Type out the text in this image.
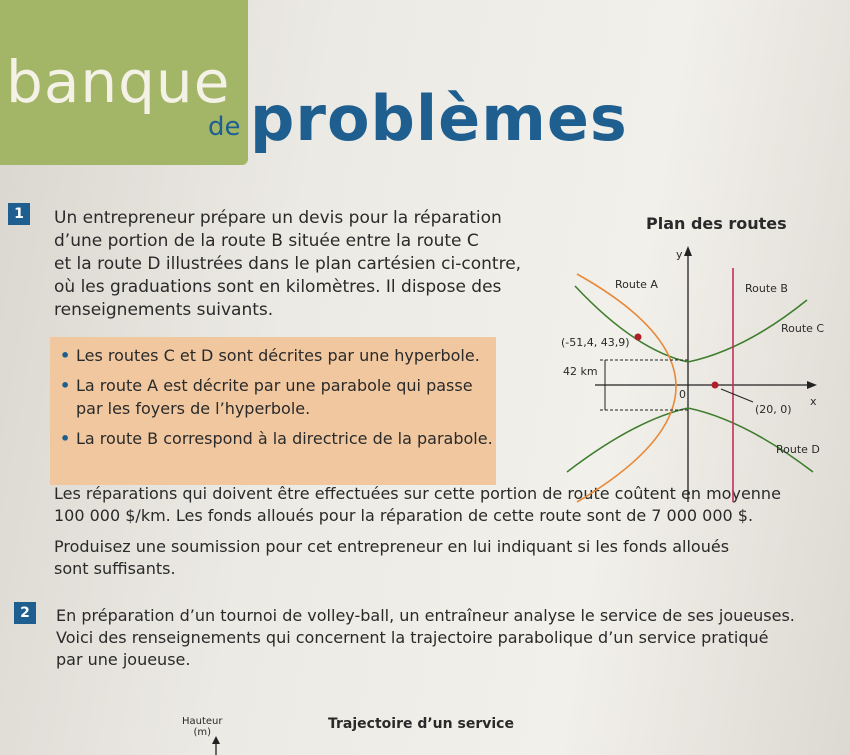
banque
de problèmes
1	Un entrepreneur prépare un devis pour la réparation
d’une portion de la route B située entre la route C
et la route D illustrées dans le plan cartésien ci-contre,
où les graduations sont en kilomètres. Il dispose des
renseignements suivants.
• Les routes C et D sont décrites par une hyperbole.
• La route A est décrite par une parabole qui passe
par les foyers de l’hyperbole.
• La route B correspond à la directrice de la parabole.
Les réparations qui doivent être effectuées sur cette portion de route coûtent en moyenne
100 000 $/km. Les fonds alloués pour la réparation de cette route sont de 7 000 000 $.
Produisez une soumission pour cet entrepreneur en lui indiquant si les fonds alloués
sont suffisants.
Plan des routes
y
x
0
Route A	Route B
Route C
Route D
(-51,4, 43,9)
42 km
(20, 0)
2	En préparation d’un tournoi de volley-ball, un entraîneur analyse le service de ses joueuses.
Voici des renseignements qui concernent la trajectoire parabolique d’un service pratiqué
par une joueuse.
Hauteur
(m)
Trajectoire d’un service
